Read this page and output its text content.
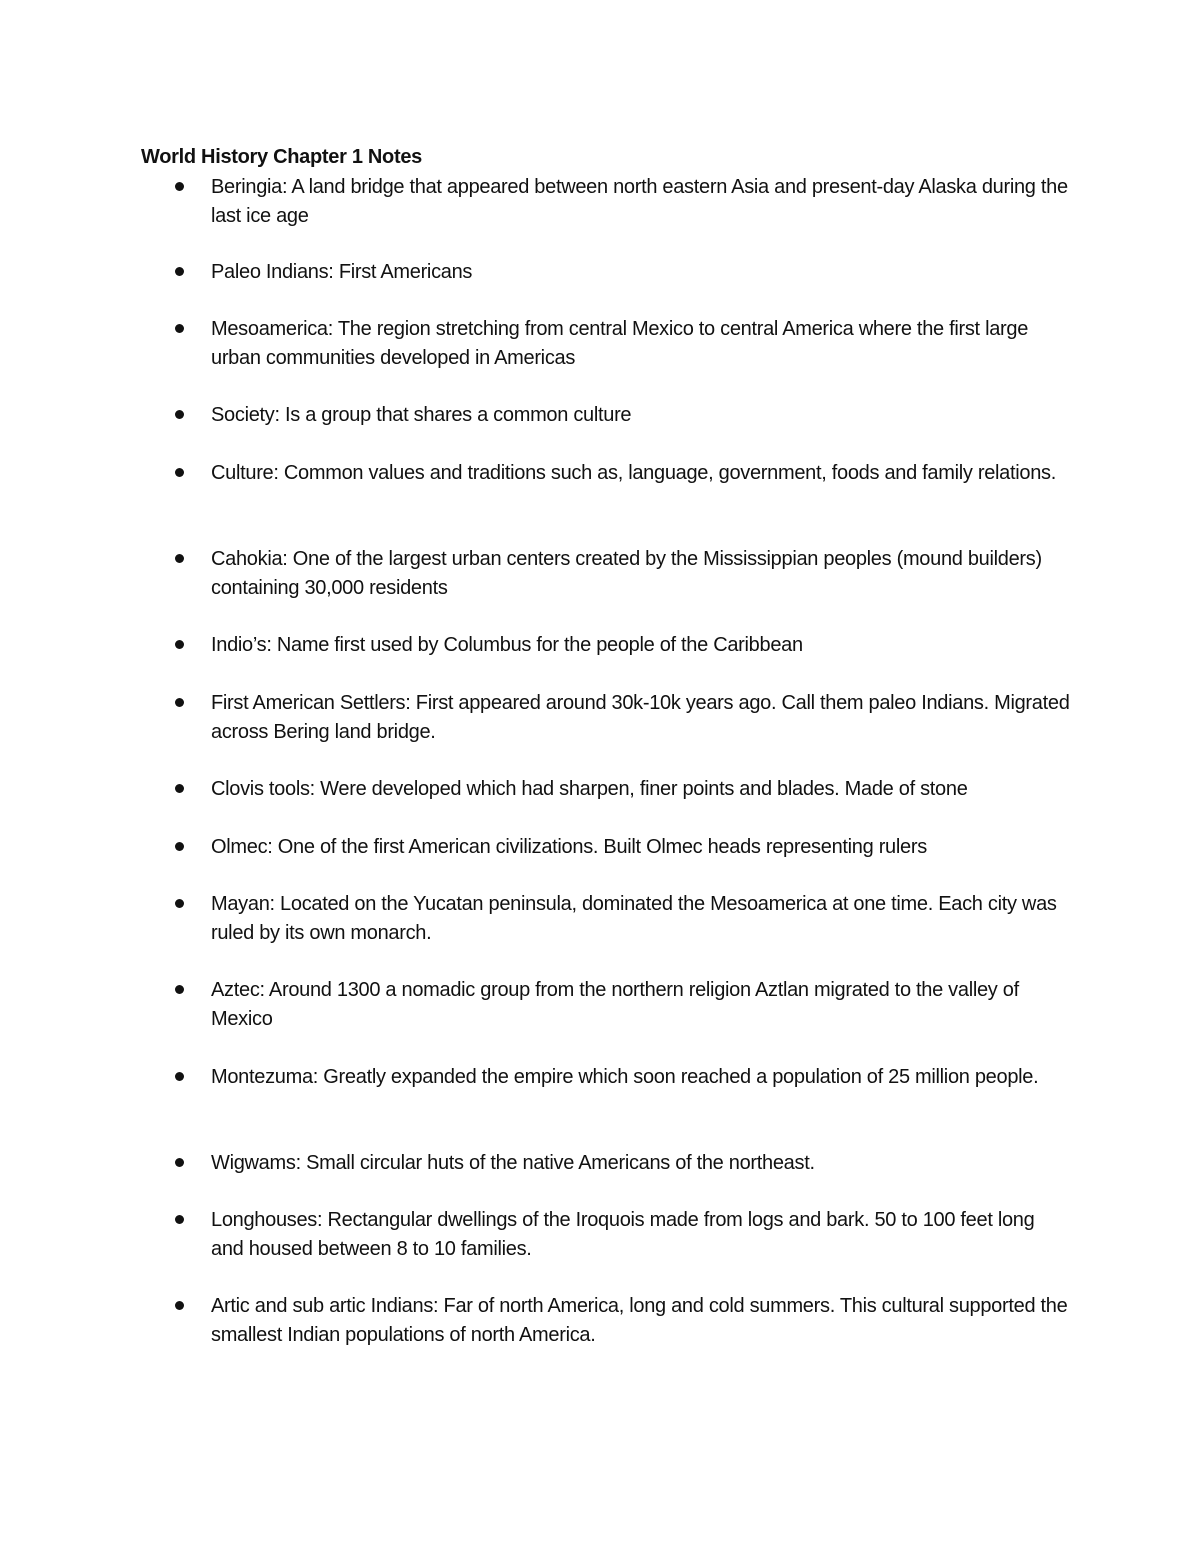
World History Chapter 1 Notes
Beringia: A land bridge that appeared between north eastern Asia and present-day Alaska during the last ice age
Paleo Indians: First Americans
Mesoamerica: The region stretching from central Mexico to central America where the first large urban communities developed in Americas
Society: Is a group that shares a common culture
Culture: Common values and traditions such as, language, government, foods and family relations.
Cahokia: One of the largest urban centers created by the Mississippian peoples (mound builders) containing 30,000 residents
Indio’s: Name first used by Columbus for the people of the Caribbean
First American Settlers: First appeared around 30k-10k years ago. Call them paleo Indians. Migrated across Bering land bridge.
Clovis tools: Were developed which had sharpen, finer points and blades. Made of stone
Olmec: One of the first American civilizations. Built Olmec heads representing rulers
Mayan: Located on the Yucatan peninsula, dominated the Mesoamerica at one time. Each city was ruled by its own monarch.
Aztec: Around 1300 a nomadic group from the northern religion Aztlan migrated to the valley of Mexico
Montezuma: Greatly expanded the empire which soon reached a population of 25 million people.
Wigwams: Small circular huts of the native Americans of the northeast.
Longhouses: Rectangular dwellings of the Iroquois made from logs and bark. 50 to 100 feet long and housed between 8 to 10 families.
Artic and sub artic Indians: Far of north America, long and cold summers. This cultural supported the smallest Indian populations of north America.
